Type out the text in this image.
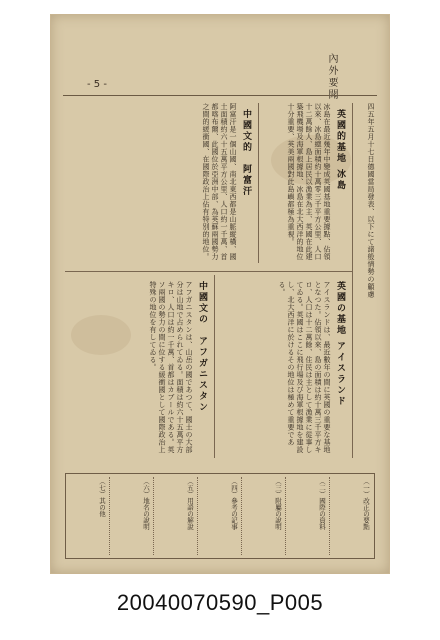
內外要聞
- 5 -
四五年五月十七日德國當局發表、以下にて諸般情勢の顧慮
英國的基地 冰島
冰島在最近幾年中變成英國基地重要據點、佔領以來、冰島總面積約十萬零三千平方公里、人口十二萬餘人、島上居民以漁業為主、英國在此建築飛機場及海軍根據地、冰島在北大西洋的地位十分重要、英美兩國對此島嶼都極為重視。
中國文的　阿富汗
阿富汗是一個山國、南北東西都是山脈縱橫、國土面積約六十五萬平方公里、人口約一千萬、首都喀布爾、此國位於亞洲中部、為英蘇兩國勢力之間的緩衝國、在國際政治上佔有特別的地位。
英國の基地 アイスランド
アイスランドは、最近數年の間に英國の重要な基地となつた。佔領以來、島の面積は約十萬三千平方キロ、人口は十二萬餘、住民は主として漁業に從事してゐる。英國はここに飛行場及び海軍根據地を建設し、北大西洋に於けるその地位は極めて重要である。
中國文の　アフガニスタン
アフガニスタンは、山岳の國であつて、國土の大部分は山地で占められてゐる。面積は約六十五萬平方キロ、人口は約一千萬、首都はカブールである。英ソ兩國の勢力の間に位する緩衝國として國際政治上特殊の地位を有してゐる。
（一）改正の要點
（二）國際の資料
（三）附屬の說明
（四）參考の記事
（五）用語の解說
（六）地名の說明
（七）其の他
20040070590_P005
